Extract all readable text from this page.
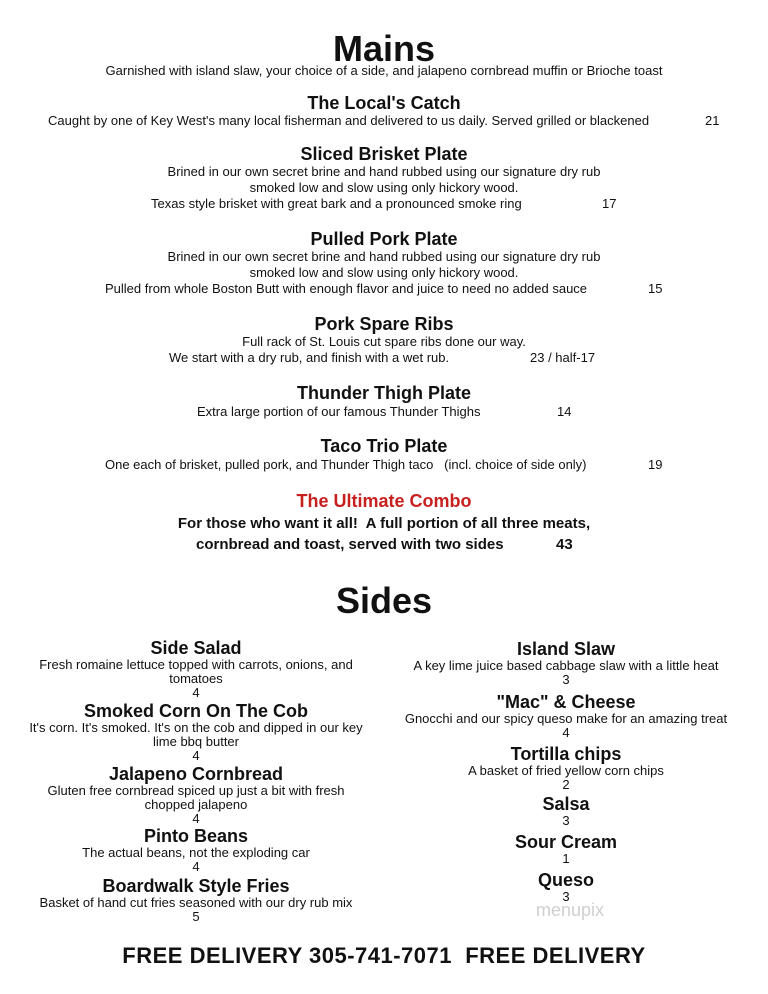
Mains
Garnished with island slaw, your choice of a side, and jalapeno cornbread muffin or Brioche toast
The Local's Catch
Caught by one of Key West's many local fisherman and delivered to us daily. Served grilled or blackened	21
Sliced Brisket Plate
Brined in our own secret brine and hand rubbed using our signature dry rub
smoked low and slow using only hickory wood.
Texas style brisket with great bark and a pronounced smoke ring	17
Pulled Pork Plate
Brined in our own secret brine and hand rubbed using our signature dry rub
smoked low and slow using only hickory wood.
Pulled from whole Boston Butt with enough flavor and juice to need no added sauce	15
Pork Spare Ribs
Full rack of St. Louis cut spare ribs done our way.
We start with a dry rub, and finish with a wet rub.	23 / half-17
Thunder Thigh Plate
Extra large portion of our famous Thunder Thighs	14
Taco Trio Plate
One each of brisket, pulled pork, and Thunder Thigh taco   (incl. choice of side only)	19
The Ultimate Combo
For those who want it all!  A full portion of all three meats,
cornbread and toast, served with two sides	43
Sides
Side Salad
Fresh romaine lettuce topped with carrots, onions, and tomatoes
4
Smoked Corn On The Cob
It's corn. It's smoked. It's on the cob and dipped in our key lime bbq butter
4
Jalapeno Cornbread
Gluten free cornbread spiced up just a bit with fresh chopped jalapeno
4
Pinto Beans
The actual beans, not the exploding car
4
Boardwalk Style Fries
Basket of hand cut fries seasoned with our dry rub mix
5
Island Slaw
A key lime juice based cabbage slaw with a little heat
3
"Mac" & Cheese
Gnocchi and our spicy queso make for an amazing treat
4
Tortilla chips
A basket of fried yellow corn chips
2
Salsa
3
Sour Cream
1
Queso
3
menupix
FREE DELIVERY 305-741-7071  FREE DELIVERY
